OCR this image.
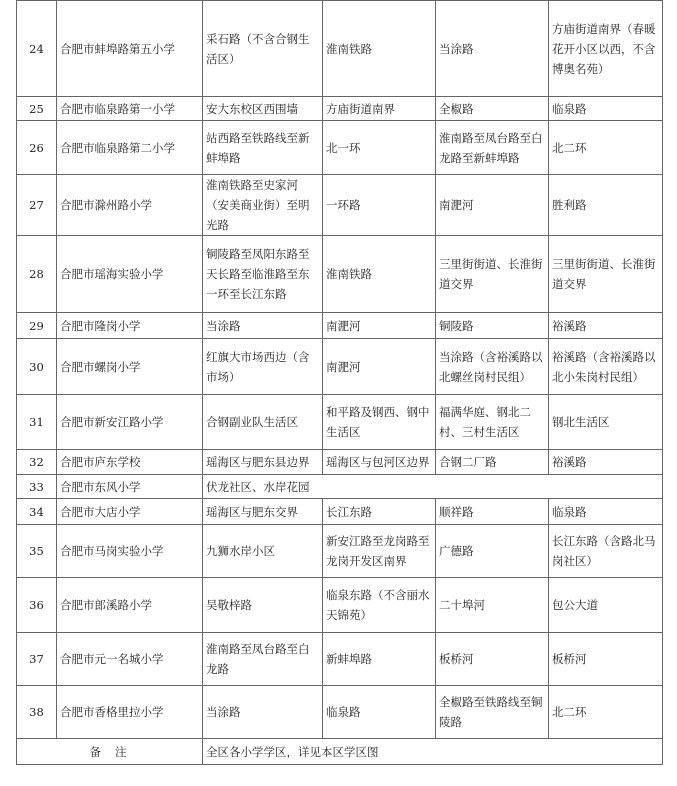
24	合肥市蚌埠路第五小学	采石路（不含合钢生活区）	淮南铁路	当涂路	方庙街道南界（春暖花开小区以西，不含博奥名苑）
25	合肥市临泉路第一小学	安大东校区西围墙	方庙街道南界	全椒路	临泉路
26	合肥市临泉路第二小学	站西路至铁路线至新蚌埠路	北一环	淮南路至凤台路至白龙路至新蚌埠路	北二环
27	合肥市滁州路小学	淮南铁路至史家河（安美商业街）至明光路	一环路	南淝河	胜利路
28	合肥市瑶海实验小学	铜陵路至凤阳东路至天长路至临淮路至东一环至长江东路	淮南铁路	三里街街道、长淮街道交界	三里街街道、长淮街道交界
29	合肥市隆岗小学	当涂路	南淝河	铜陵路	裕溪路
30	合肥市螺岗小学	红旗大市场西边（含市场）	南淝河	当涂路（含裕溪路以北螺丝岗村民组）	裕溪路（含裕溪路以北小朱岗村民组）
31	合肥市新安江路小学	合钢副业队生活区	和平路及钢西、钢中生活区	福满华庭、钢北二村、三村生活区	钢北生活区
32	合肥市庐东学校	瑶海区与肥东县边界	瑶海区与包河区边界	合钢二厂路	裕溪路
33	合肥市东风小学	伏龙社区、水岸花园			
34	合肥市大店小学	瑶海区与肥东交界	长江东路	顺祥路	临泉路
35	合肥市马岗实验小学	九狮水岸小区	新安江路至龙岗路至龙岗开发区南界	广德路	长江东路（含路北马岗社区）
36	合肥市郎溪路小学	吴敬梓路	临泉东路（不含丽水天锦苑）	二十埠河	包公大道
37	合肥市元一名城小学	淮南路至凤台路至白龙路	新蚌埠路	板桥河	板桥河
38	合肥市香格里拉小学	当涂路	临泉路	全椒路至铁路线至铜陵路	北二环
备注		全区各小学学区，详见本区学区图			
